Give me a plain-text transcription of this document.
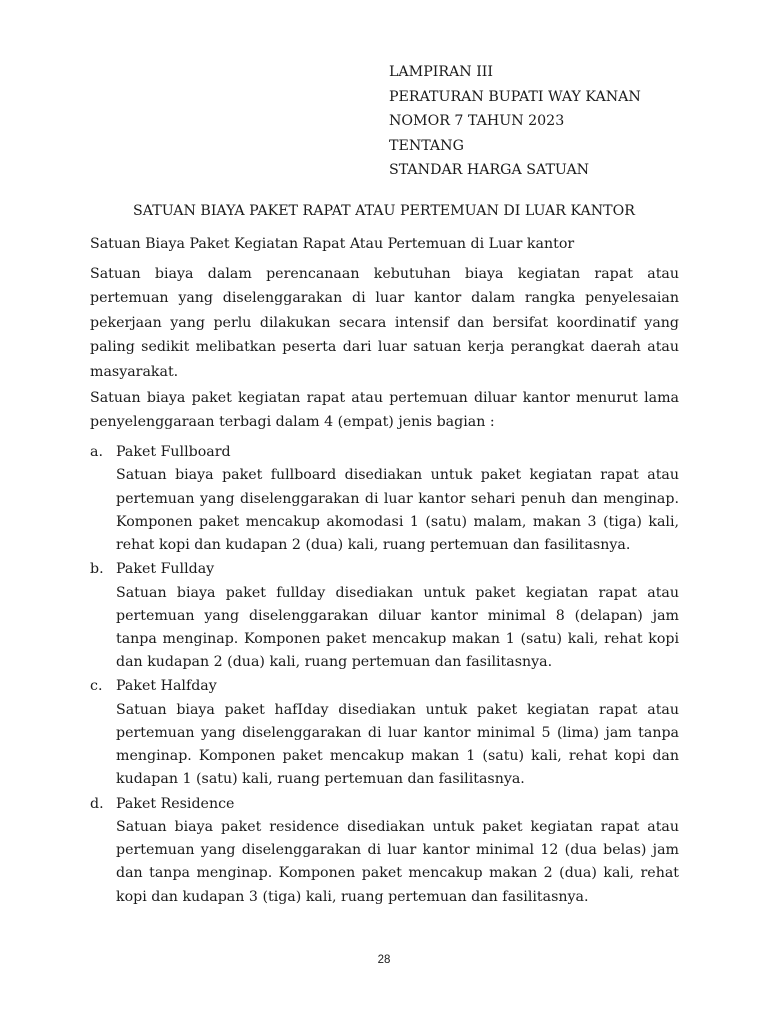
LAMPIRAN III
PERATURAN BUPATI WAY KANAN
NOMOR 7 TAHUN 2023
TENTANG
STANDAR HARGA SATUAN
SATUAN BIAYA PAKET RAPAT ATAU PERTEMUAN DI LUAR KANTOR
Satuan Biaya Paket Kegiatan Rapat Atau Pertemuan di Luar kantor
Satuan biaya dalam perencanaan kebutuhan biaya kegiatan rapat atau pertemuan yang diselenggarakan di luar kantor dalam rangka penyelesaian pekerjaan yang perlu dilakukan secara intensif dan bersifat koordinatif yang paling sedikit melibatkan peserta dari luar satuan kerja perangkat daerah atau masyarakat.
Satuan biaya paket kegiatan rapat atau pertemuan diluar kantor menurut lama penyelenggaraan terbagi dalam 4 (empat) jenis bagian :
a. Paket Fullboard
Satuan biaya paket fullboard disediakan untuk paket kegiatan rapat atau pertemuan yang diselenggarakan di luar kantor sehari penuh dan menginap. Komponen paket mencakup akomodasi 1 (satu) malam, makan 3 (tiga) kali, rehat kopi dan kudapan 2 (dua) kali, ruang pertemuan dan fasilitasnya.
b. Paket Fullday
Satuan biaya paket fullday disediakan untuk paket kegiatan rapat atau pertemuan yang diselenggarakan diluar kantor minimal 8 (delapan) jam tanpa menginap. Komponen paket mencakup makan 1 (satu) kali, rehat kopi dan kudapan 2 (dua) kali, ruang pertemuan dan fasilitasnya.
c. Paket Halfday
Satuan biaya paket hafIday disediakan untuk paket kegiatan rapat atau pertemuan yang diselenggarakan di luar kantor minimal 5 (lima) jam tanpa menginap. Komponen paket mencakup makan 1 (satu) kali, rehat kopi dan kudapan 1 (satu) kali, ruang pertemuan dan fasilitasnya.
d. Paket Residence
Satuan biaya paket residence disediakan untuk paket kegiatan rapat atau pertemuan yang diselenggarakan di luar kantor minimal 12 (dua belas) jam dan tanpa menginap. Komponen paket mencakup makan 2 (dua) kali, rehat kopi dan kudapan 3 (tiga) kali, ruang pertemuan dan fasilitasnya.
28
